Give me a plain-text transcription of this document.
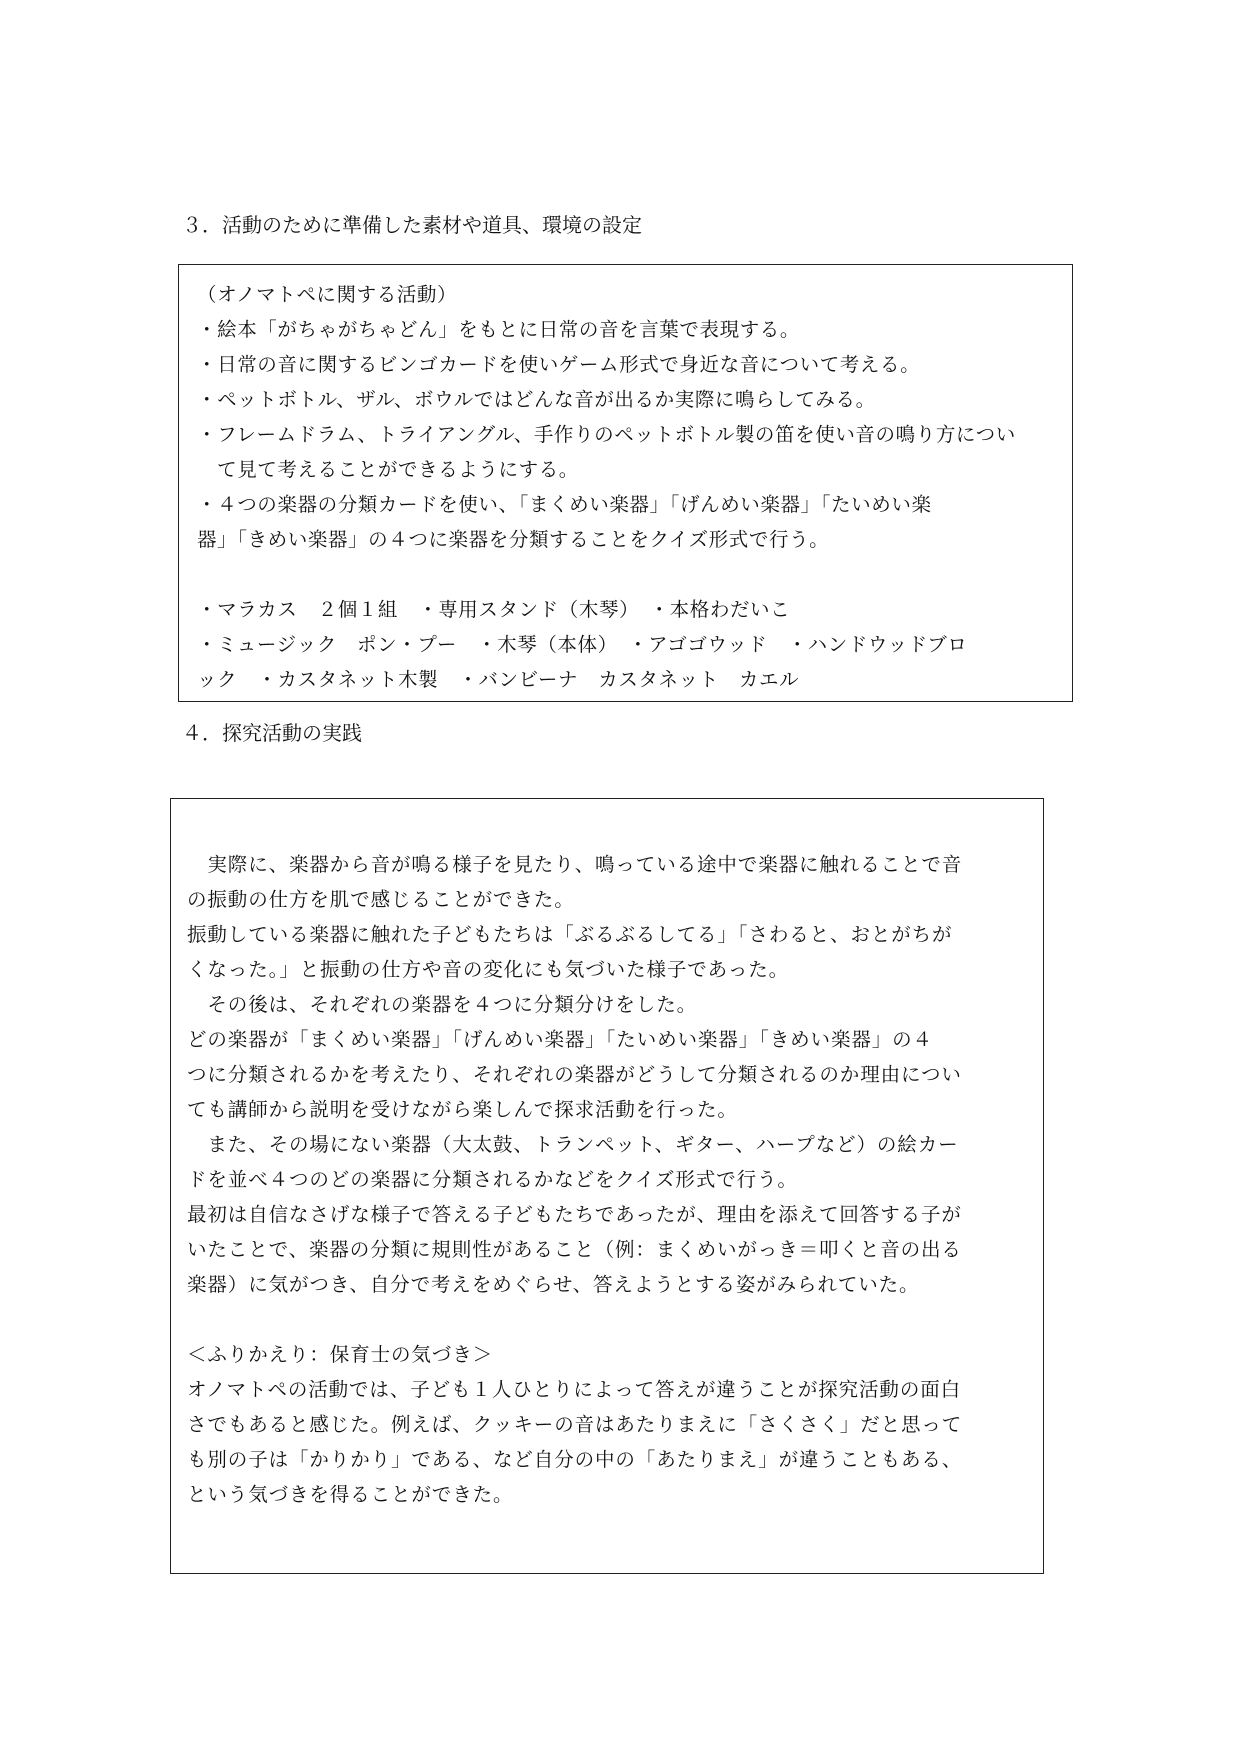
３．活動のために準備した素材や道具、環境の設定

（オノマトペに関する活動）

・絵本「がちゃがちゃどん」をもとに日常の音を言葉で表現する。

・日常の音に関するビンゴカードを使いゲーム形式で身近な音について考える。

・ペットボトル、ザル、ボウルではどんな音が出るか実際に鳴らしてみる。

・フレームドラム、トライアングル、手作りのペットボトル製の笛を使い音の鳴り方につい

　て見て考えることができるようにする。

・４つの楽器の分類カードを使い、「まくめい楽器」「げんめい楽器」「たいめい楽

器」「きめい楽器」の４つに楽器を分類することをクイズ形式で行う。

・マラカス　２個１組　・専用スタンド（木琴）　・本格わだいこ

・ミュージック　ポン・プー　・木琴（本体）　・アゴゴウッド　・ハンドウッドブロ

ック　・カスタネット木製　・バンビーナ　カスタネット　カエル

４．探究活動の実践

　実際に、楽器から音が鳴る様子を見たり、鳴っている途中で楽器に触れることで音

の振動の仕方を肌で感じることができた。

振動している楽器に触れた子どもたちは「ぶるぶるしてる」「さわると、おとがちが

くなった。」と振動の仕方や音の変化にも気づいた様子であった。

　その後は、それぞれの楽器を４つに分類分けをした。

どの楽器が「まくめい楽器」「げんめい楽器」「たいめい楽器」「きめい楽器」の４

つに分類されるかを考えたり、それぞれの楽器がどうして分類されるのか理由につい

ても講師から説明を受けながら楽しんで探求活動を行った。

　また、その場にない楽器（大太鼓、トランペット、ギター、ハープなど）の絵カー

ドを並べ４つのどの楽器に分類されるかなどをクイズ形式で行う。

最初は自信なさげな様子で答える子どもたちであったが、理由を添えて回答する子が

いたことで、楽器の分類に規則性があること（例：まくめいがっき＝叩くと音の出る

楽器）に気がつき、自分で考えをめぐらせ、答えようとする姿がみられていた。

＜ふりかえり：保育士の気づき＞

オノマトペの活動では、子ども１人ひとりによって答えが違うことが探究活動の面白

さでもあると感じた。例えば、クッキーの音はあたりまえに「さくさく」だと思って

も別の子は「かりかり」である、など自分の中の「あたりまえ」が違うこともある、

という気づきを得ることができた。
